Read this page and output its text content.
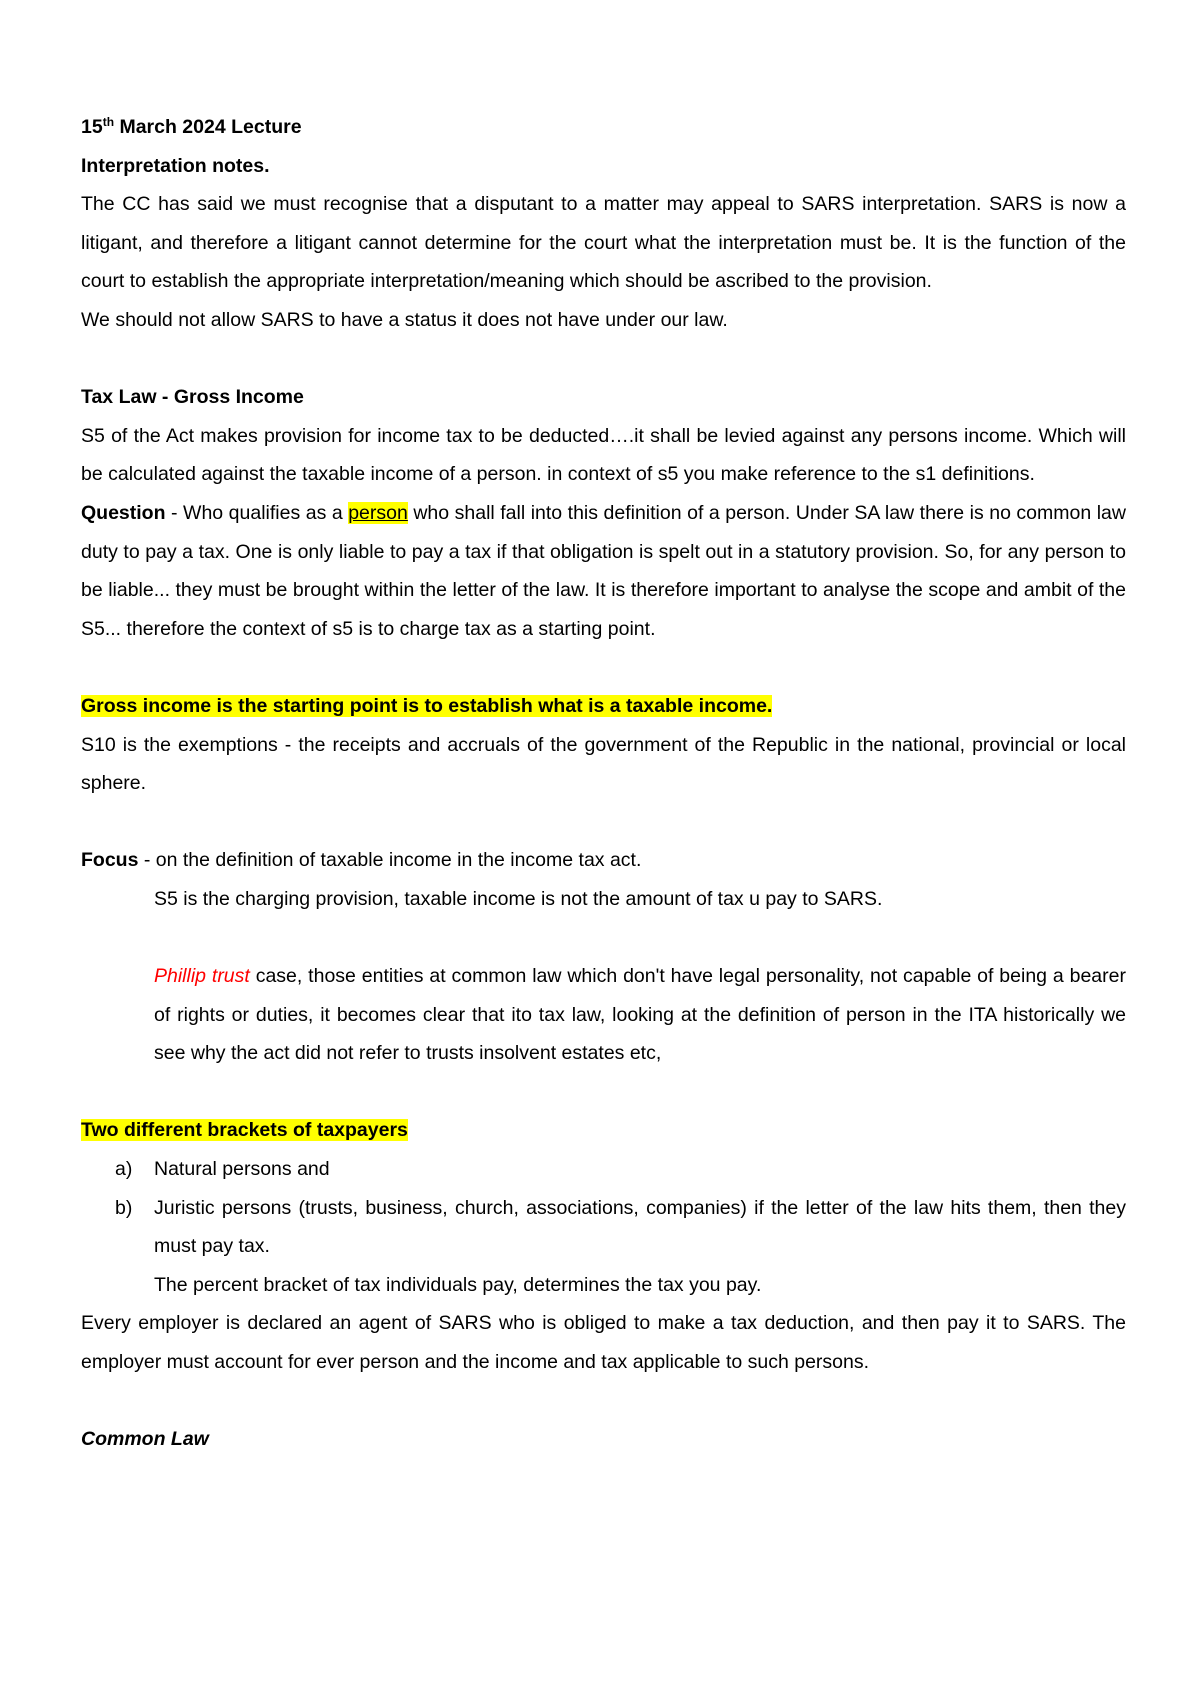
15th March 2024 Lecture

Interpretation notes.

The CC has said we must recognise that a disputant to a matter may appeal to SARS interpretation. SARS is now a litigant, and therefore a litigant cannot determine for the court what the interpretation must be. It is the function of the court to establish the appropriate interpretation/meaning which should be ascribed to the provision.

We should not allow SARS to have a status it does not have under our law.

Tax Law - Gross Income

S5 of the Act makes provision for income tax to be deducted….it shall be levied against any persons income. Which will be calculated against the taxable income of a person. in context of s5 you make reference to the s1 definitions.

Question - Who qualifies as a person who shall fall into this definition of a person. Under SA law there is no common law duty to pay a tax. One is only liable to pay a tax if that obligation is spelt out in a statutory provision. So, for any person to be liable... they must be brought within the letter of the law. It is therefore important to analyse the scope and ambit of the S5... therefore the context of s5 is to charge tax as a starting point.

Gross income is the starting point is to establish what is a taxable income.

S10 is the exemptions - the receipts and accruals of the government of the Republic in the national, provincial or local sphere.

Focus - on the definition of taxable income in the income tax act.

S5 is the charging provision, taxable income is not the amount of tax u pay to SARS.

Phillip trust case, those entities at common law which don't have legal personality, not capable of being a bearer of rights or duties, it becomes clear that ito tax law, looking at the definition of person in the ITA historically we see why the act did not refer to trusts insolvent estates etc,

Two different brackets of taxpayers

a)	Natural persons and
b)	Juristic persons (trusts, business, church, associations, companies) if the letter of the law hits them, then they must pay tax.

The percent bracket of tax individuals pay, determines the tax you pay.

Every employer is declared an agent of SARS who is obliged to make a tax deduction, and then pay it to SARS. The employer must account for ever person and the income and tax applicable to such persons.

Common Law
